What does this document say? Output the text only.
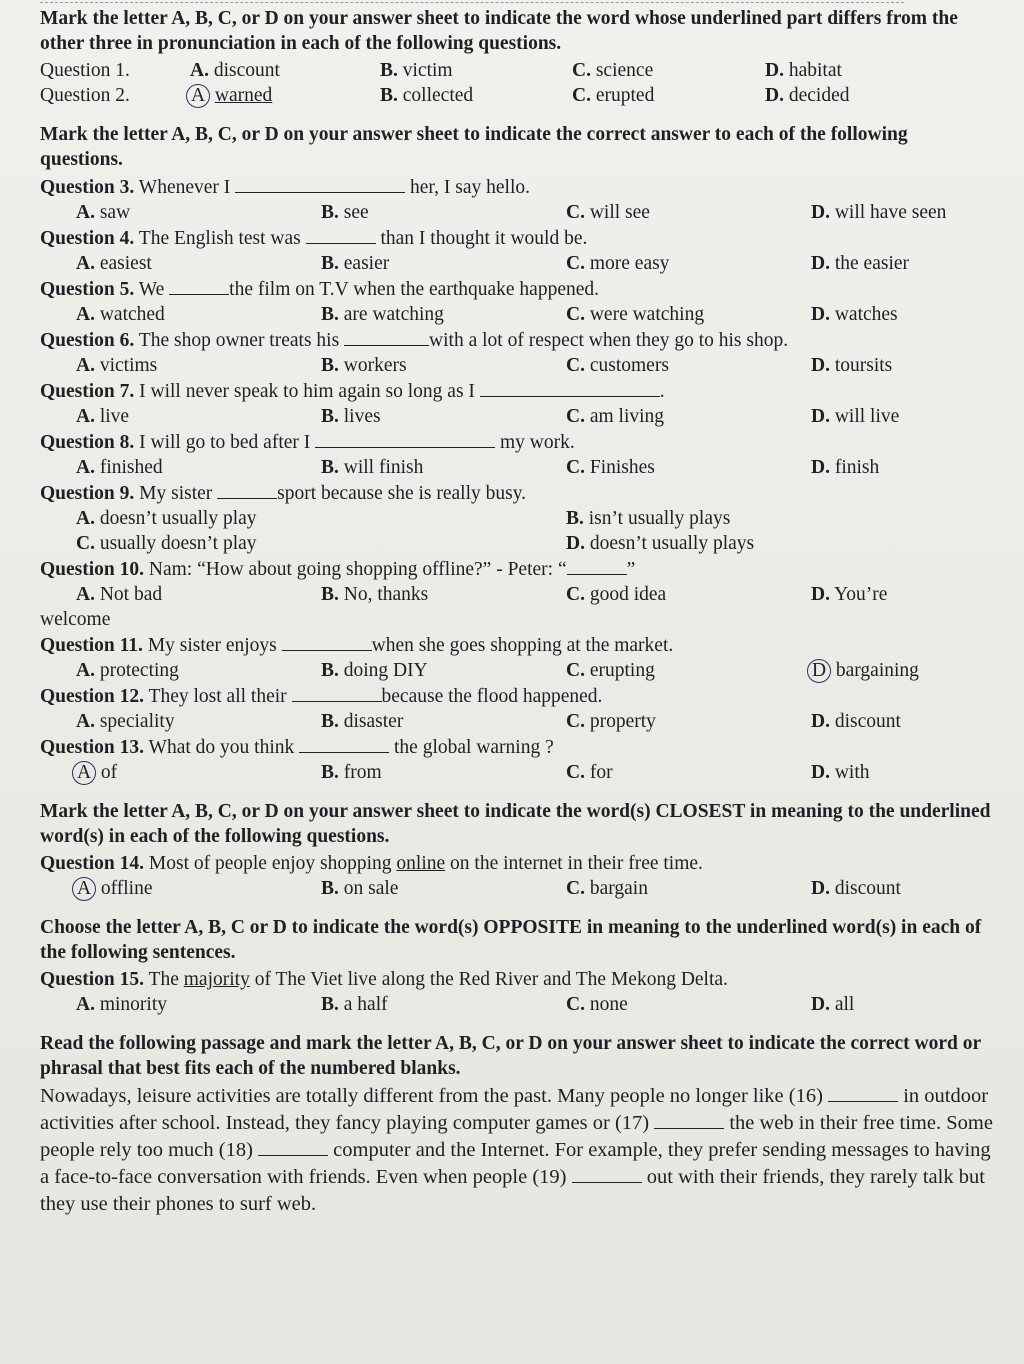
Mark the letter A, B, C, or D on your answer sheet to indicate the word whose underlined part differs from the other three in pronunciation in each of the following questions.
Question 1.	A. discount	B. victim	C. science	D. habitat
Question 2.	A warned	B. collected	C. erupted	D. decided
Mark the letter A, B, C, or D on your answer sheet to indicate the correct answer to each of the following questions.
Question 3. Whenever I	her, I say hello.
A. saw	B. see	C. will see	D. will have seen
Question 4. The English test was	than I thought it would be.
A. easiest	B. easier	C. more easy	D. the easier
Question 5. We	the film on T.V when the earthquake happened.
A. watched	B. are watching	C. were watching	D. watches
Question 6. The shop owner treats his	with a lot of respect when they go to his shop.
A. victims	B. workers	C. customers	D. toursits
Question 7. I will never speak to him again so long as I	.
A. live	B. lives	C. am living	D. will live
Question 8. I will go to bed after I	my work.
A. finished	B. will finish	C. Finishes	D. finish
Question 9. My sister	sport because she is really busy.
A. doesn’t usually play	B. isn’t usually plays
C. usually doesn’t play	D. doesn’t usually plays
Question 10. Nam: “How about going shopping offline?” - Peter: “	”
A. Not bad	B. No, thanks	C. good idea	D. You’re
welcome
Question 11. My sister enjoys	when she goes shopping at the market.
A. protecting	B. doing DIY	C. erupting	D bargaining
Question 12. They lost all their	because the flood happened.
A. speciality	B. disaster	C. property	D. discount
Question 13. What do you think	the global warning ?
A of	B. from	C. for	D. with
Mark the letter A, B, C, or D on your answer sheet to indicate the word(s) CLOSEST in meaning to the underlined word(s) in each of the following questions.
Question 14. Most of people enjoy shopping online on the internet in their free time.
A offline	B. on sale	C. bargain	D. discount
Choose the letter A, B, C or D to indicate the word(s) OPPOSITE in meaning to the underlined word(s) in each of the following sentences.
Question 15. The majority of The Viet live along the Red River and The Mekong Delta.
A. minority	B. a half	C. none	D. all
Read the following passage and mark the letter A, B, C, or D on your answer sheet to indicate the correct word or phrasal that best fits each of the numbered blanks.
Nowadays, leisure activities are totally different from the past. Many people no longer like (16)	in outdoor activities after school. Instead, they fancy playing computer games or (17)	the web in their free time. Some people rely too much (18)	computer and the Internet. For example, they prefer sending messages to having a face-to-face conversation with friends. Even when people (19)	out with their friends, they rarely talk but they use their phones to surf web.
